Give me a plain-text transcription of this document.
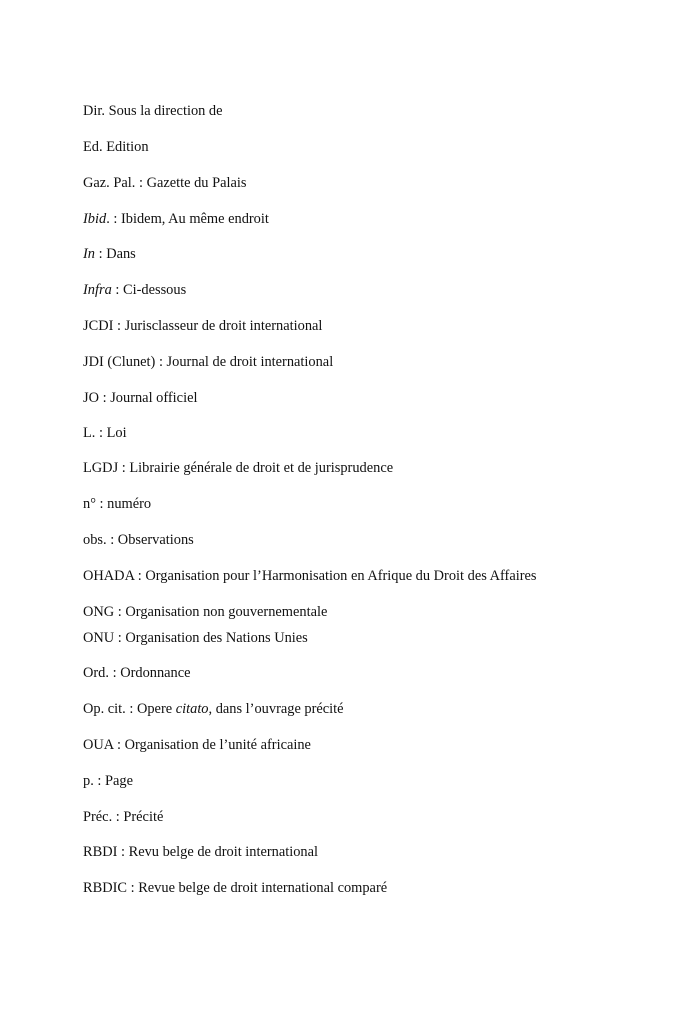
Dir. Sous la direction de

Ed. Edition

Gaz. Pal. : Gazette du Palais

Ibid. : Ibidem, Au même endroit

In : Dans

Infra : Ci-dessous

JCDI : Jurisclasseur de droit international

JDI (Clunet) : Journal de droit international

JO : Journal officiel

L. : Loi

LGDJ : Librairie générale de droit et de jurisprudence

n° : numéro

obs. : Observations

OHADA : Organisation pour l’Harmonisation en Afrique du Droit des Affaires

ONG : Organisation non gouvernementale

ONU : Organisation des Nations Unies

Ord. : Ordonnance

Op. cit. : Opere citato, dans l’ouvrage précité

OUA : Organisation de l’unité africaine

p. : Page

Préc. : Précité

RBDI : Revu belge de droit international

RBDIC : Revue belge de droit international comparé
